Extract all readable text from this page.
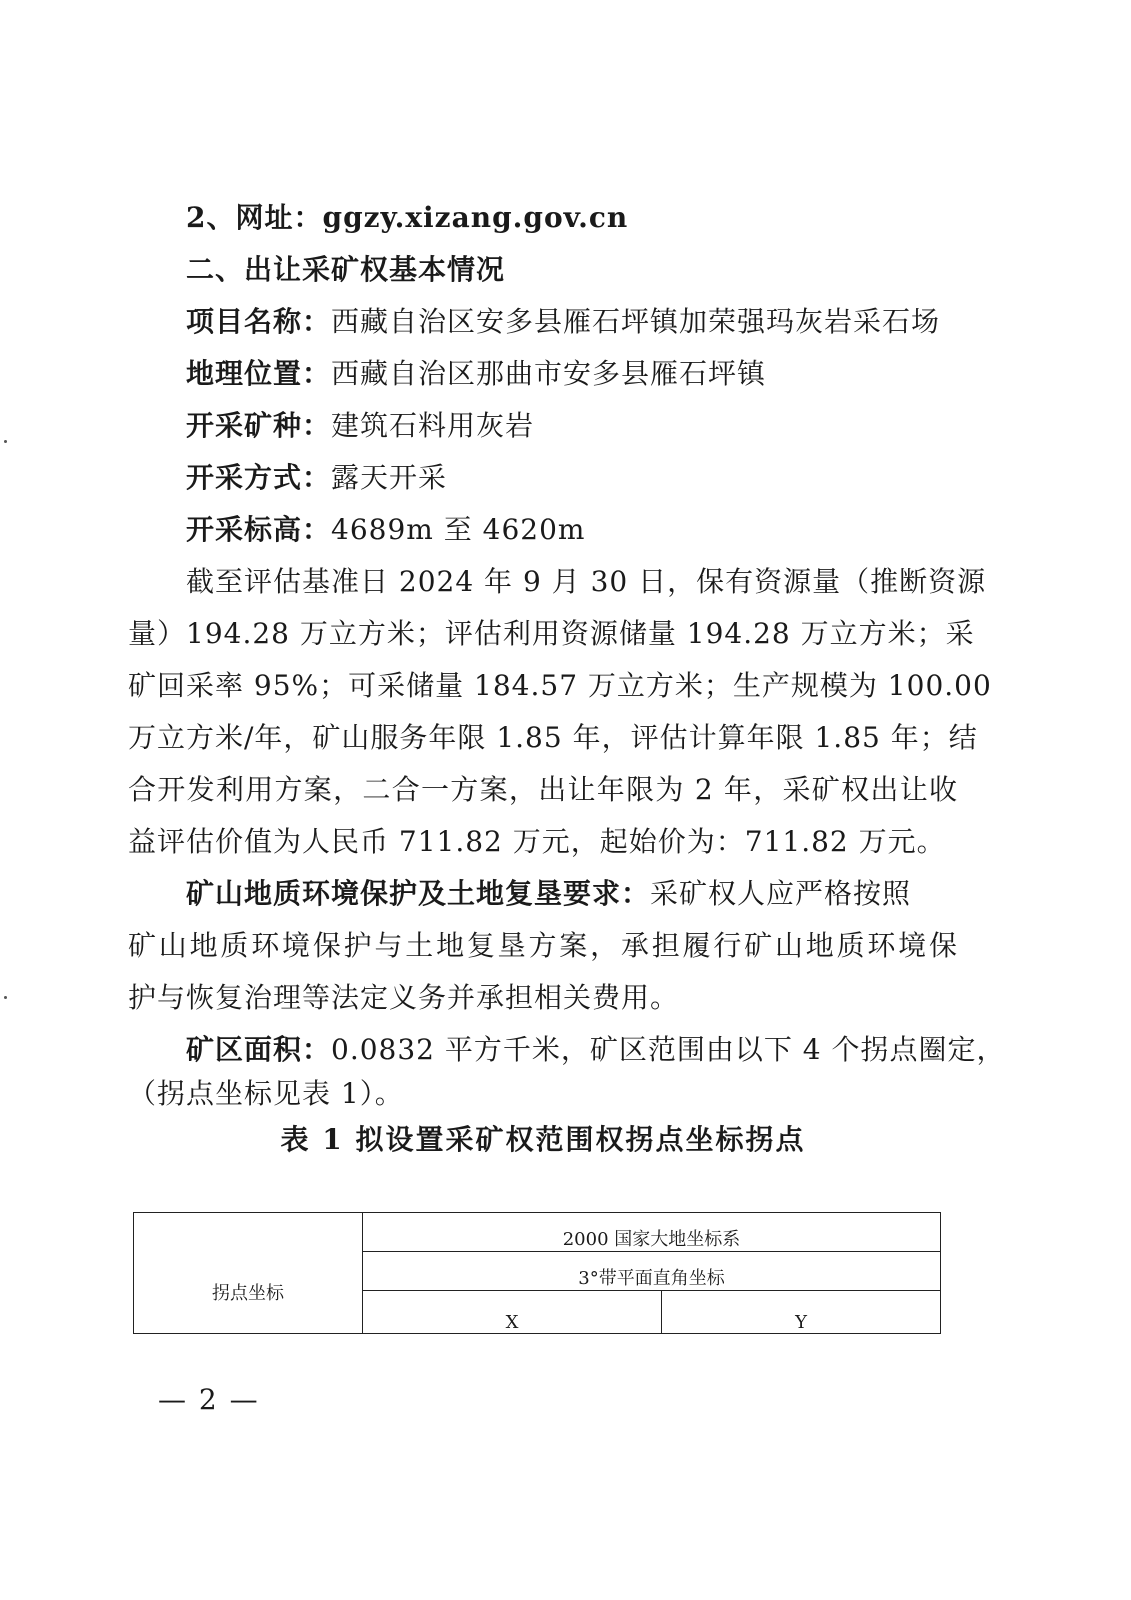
2、网址：ggzy.xizang.gov.cn
二、出让采矿权基本情况
项目名称：西藏自治区安多县雁石坪镇加荣强玛灰岩采石场
地理位置：西藏自治区那曲市安多县雁石坪镇
开采矿种：建筑石料用灰岩
开采方式：露天开采
开采标高：4689m 至 4620m
截至评估基准日 2024 年 9 月 30 日，保有资源量（推断资源
量）194.28 万立方米；评估利用资源储量 194.28 万立方米；采
矿回采率 95%；可采储量 184.57 万立方米；生产规模为 100.00
万立方米/年，矿山服务年限 1.85 年，评估计算年限 1.85 年；结
合开发利用方案，二合一方案，出让年限为 2 年，采矿权出让收
益评估价值为人民币 711.82 万元，起始价为：711.82 万元。
矿山地质环境保护及土地复垦要求：采矿权人应严格按照
矿山地质环境保护与土地复垦方案，承担履行矿山地质环境保
护与恢复治理等法定义务并承担相关费用。
矿区面积：0.0832 平方千米，矿区范围由以下 4 个拐点圈定，
（拐点坐标见表 1）。
表 1 拟设置采矿权范围权拐点坐标拐点
拐点坐标	2000 国家大地坐标系	
	3°带平面直角坐标	
	X	Y
— 2 —
